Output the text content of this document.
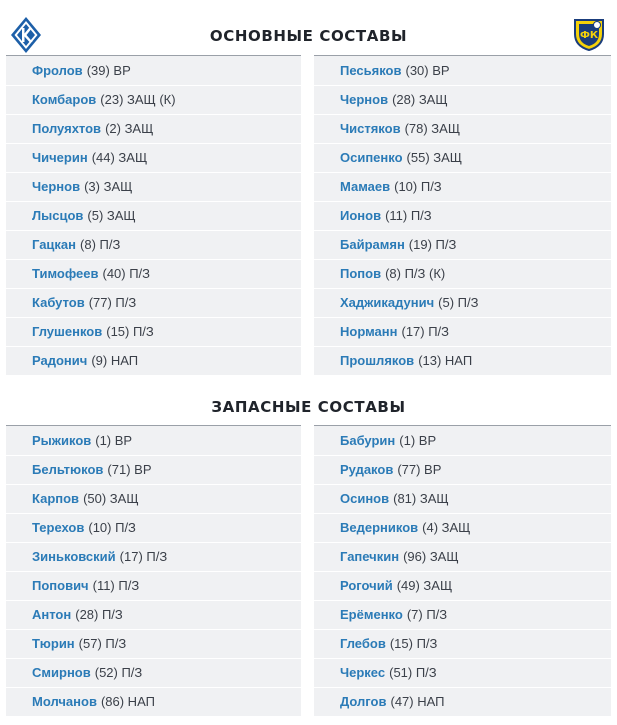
ОСНОВНЫЕ СОСТАВЫ	ФК
Фролов (39) ВР
Комбаров (23) ЗАЩ (К)
Полуяхтов (2) ЗАЩ
Чичерин (44) ЗАЩ
Чернов (3) ЗАЩ
Лысцов (5) ЗАЩ
Гацкан (8) П/З
Тимофеев (40) П/З
Кабутов (77) П/З
Глушенков (15) П/З
Радонич (9) НАП
Песьяков (30) ВР
Чернов (28) ЗАЩ
Чистяков (78) ЗАЩ
Осипенко (55) ЗАЩ
Мамаев (10) П/З
Ионов (11) П/З
Байрамян (19) П/З
Попов (8) П/З (К)
Хаджикадунич (5) П/З
Норманн (17) П/З
Прошляков (13) НАП
ЗАПАСНЫЕ СОСТАВЫ
Рыжиков (1) ВР
Бельтюков (71) ВР
Карпов (50) ЗАЩ
Терехов (10) П/З
Зиньковский (17) П/З
Попович (11) П/З
Антон (28) П/З
Тюрин (57) П/З
Смирнов (52) П/З
Молчанов (86) НАП
Бабурин (1) ВР
Рудаков (77) ВР
Осинов (81) ЗАЩ
Ведерников (4) ЗАЩ
Гапечкин (96) ЗАЩ
Рогочий (49) ЗАЩ
Ерёменко (7) П/З
Глебов (15) П/З
Черкес (51) П/З
Долгов (47) НАП
